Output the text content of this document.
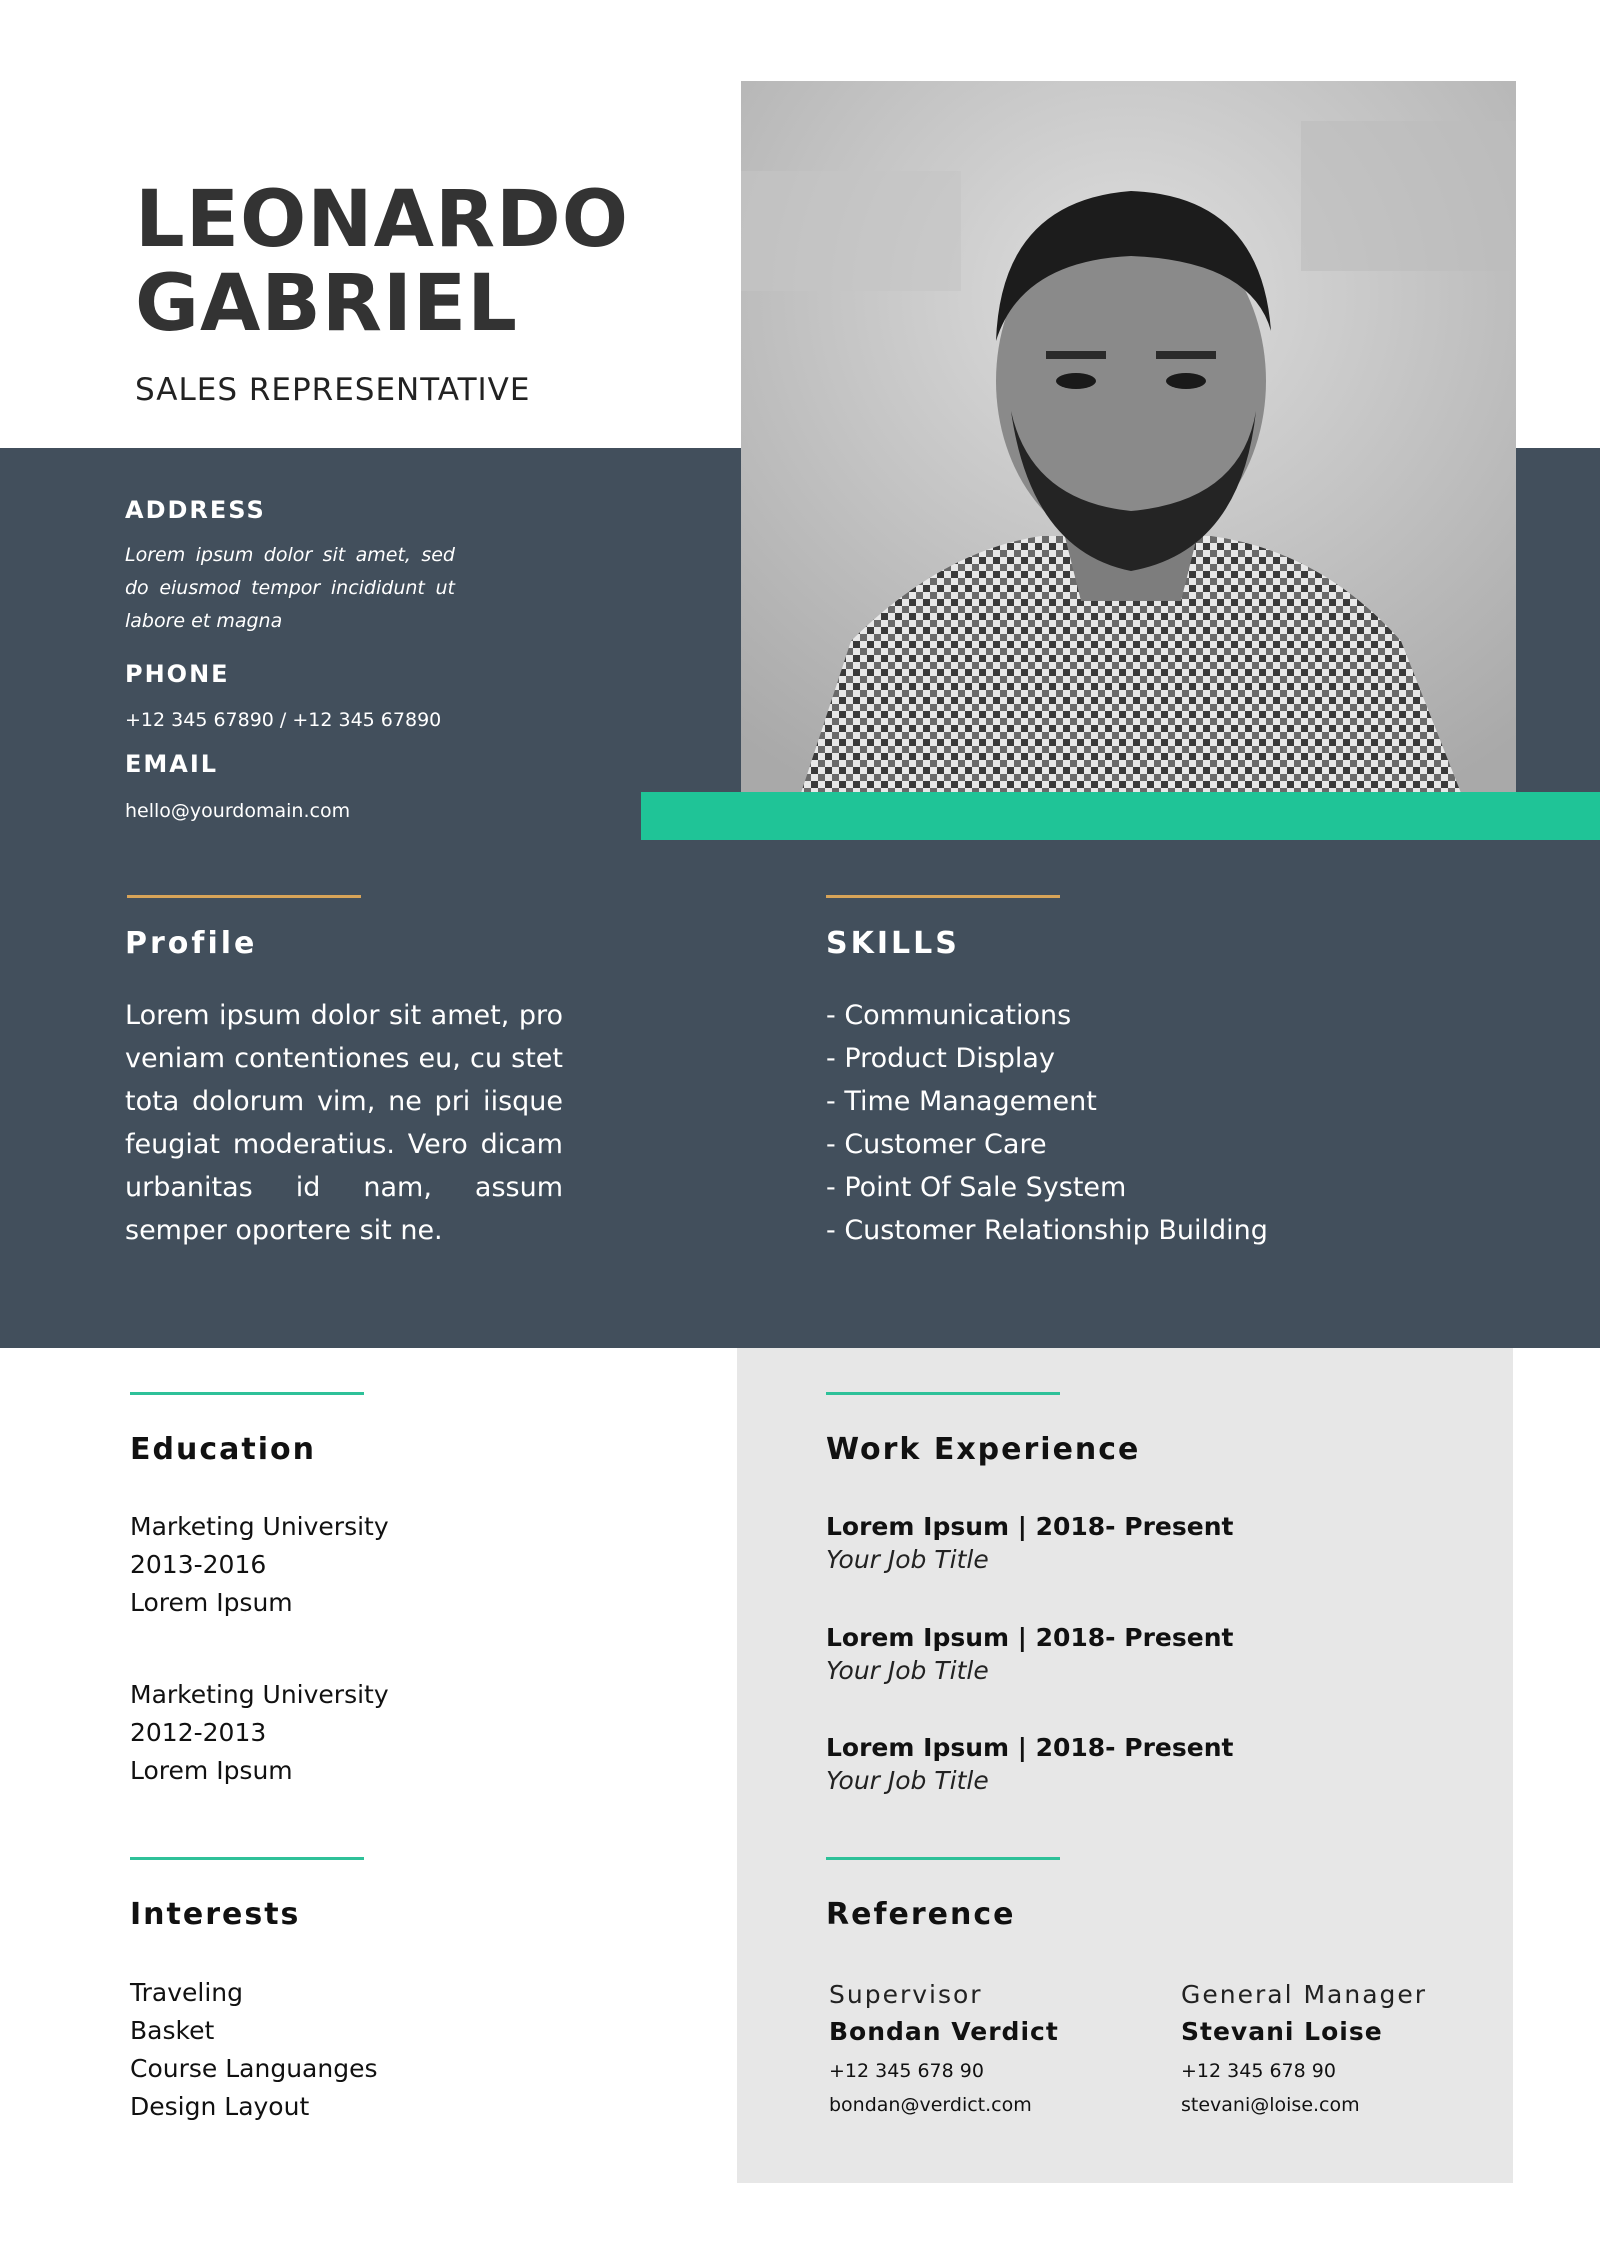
LEONARDO
GABRIEL
SALES REPRESENTATIVE
ADDRESS
Lorem ipsum dolor sit amet, sed do eiusmod tempor incididunt ut labore et magna
PHONE
+12 345 67890 / +12 345 67890
EMAIL
hello@yourdomain.com
Profile
Lorem ipsum dolor sit amet, pro veniam contentiones eu, cu stet tota dolorum vim, ne pri iisque feugiat moderatius. Vero dicam urbanitas id nam, assum semper oportere sit ne.
SKILLS
- Communications
- Product Display
- Time Management
- Customer Care
- Point Of Sale System
- Customer Relationship Building
Education
Marketing University
2013-2016
Lorem Ipsum
Marketing University
2012-2013
Lorem Ipsum
Interests
Traveling
Basket
Course Languanges
Design Layout
Work Experience
Lorem Ipsum | 2018- Present
Your Job Title
Lorem Ipsum | 2018- Present
Your Job Title
Lorem Ipsum | 2018- Present
Your Job Title
Reference
Supervisor
Bondan Verdict
+12 345 678 90
bondan@verdict.com
General Manager
Stevani Loise
+12 345 678 90
stevani@loise.com
